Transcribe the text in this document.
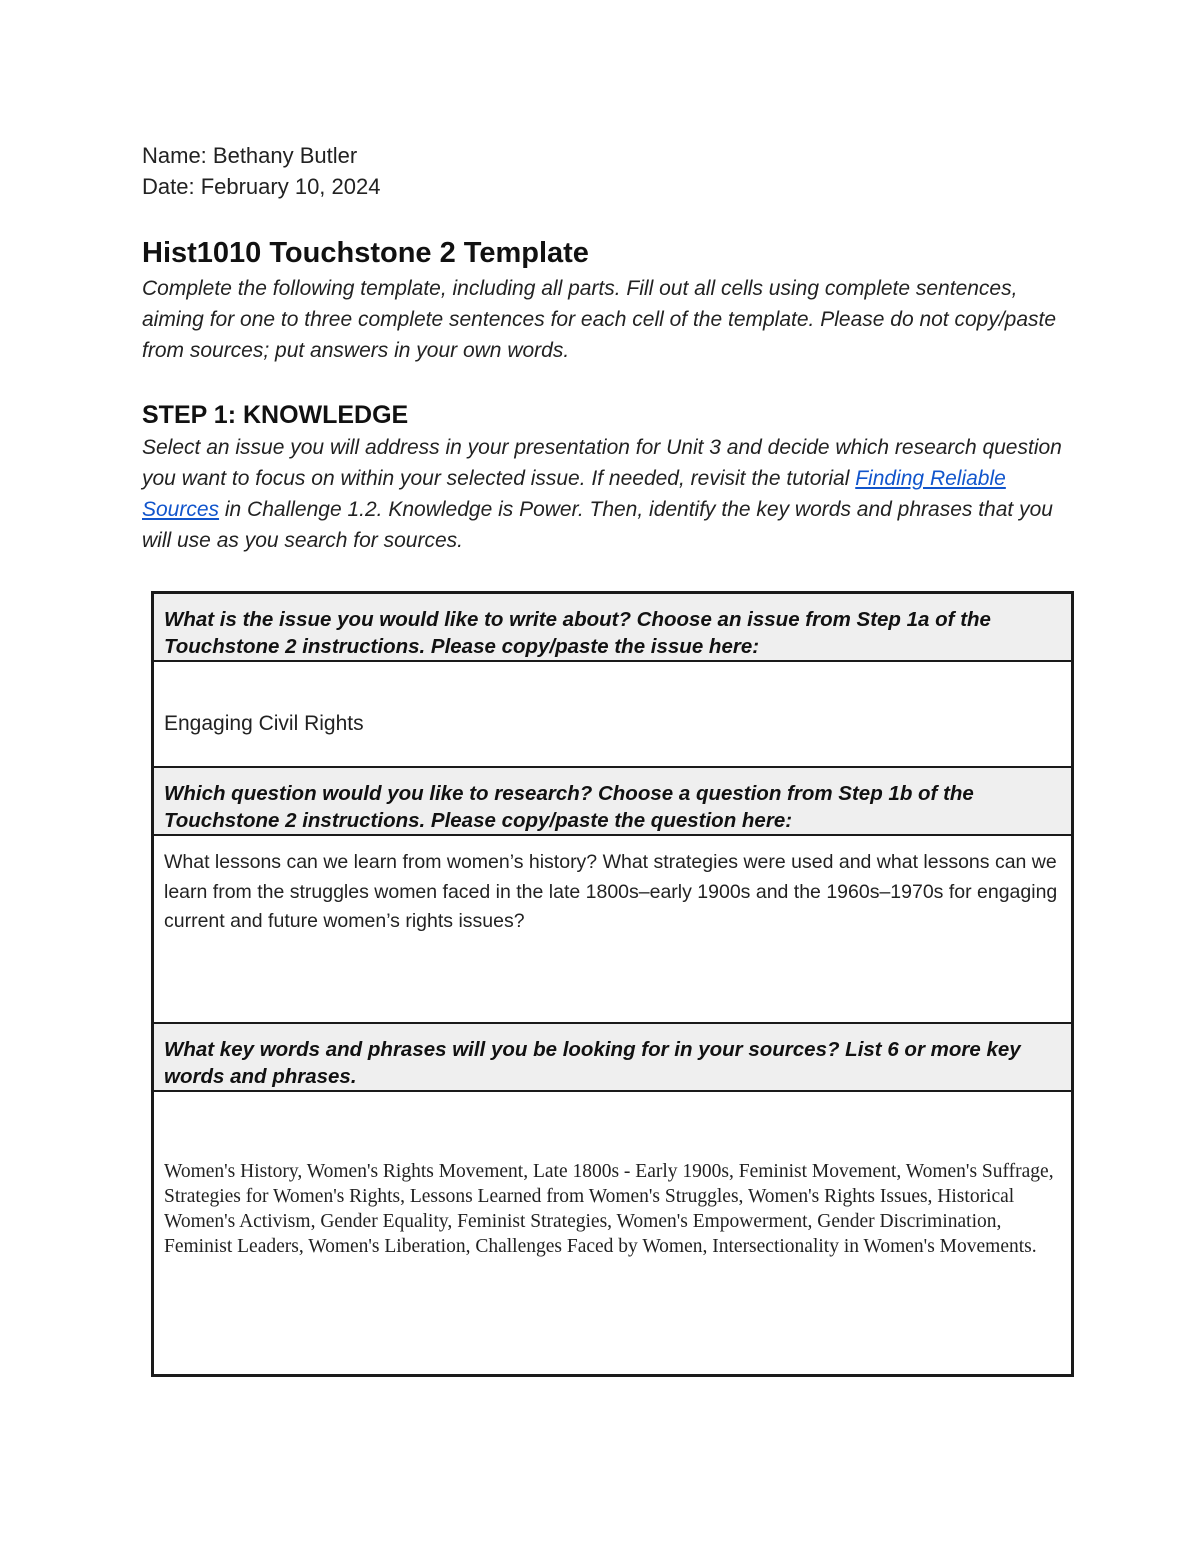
Name: Bethany Butler
Date: February 10, 2024
Hist1010 Touchstone 2 Template
Complete the following template, including all parts. Fill out all cells using complete sentences, aiming for one to three complete sentences for each cell of the template. Please do not copy/paste from sources; put answers in your own words.
STEP 1: KNOWLEDGE
Select an issue you will address in your presentation for Unit 3 and decide which research question you want to focus on within your selected issue. If needed, revisit the tutorial Finding Reliable Sources in Challenge 1.2. Knowledge is Power. Then, identify the key words and phrases that you will use as you search for sources.
What is the issue you would like to write about? Choose an issue from Step 1a of the Touchstone 2 instructions. Please copy/paste the issue here:

Engaging Civil Rights

Which question would you like to research? Choose a question from Step 1b of the Touchstone 2 instructions. Please copy/paste the question here:

What lessons can we learn from women’s history? What strategies were used and what lessons can we learn from the struggles women faced in the late 1800s–early 1900s and the 1960s–1970s for engaging current and future women’s rights issues?

What key words and phrases will you be looking for in your sources? List 6 or more key words and phrases.

Women's History, Women's Rights Movement, Late 1800s - Early 1900s, Feminist Movement, Women's Suffrage, Strategies for Women's Rights, Lessons Learned from Women's Struggles, Women's Rights Issues, Historical Women's Activism, Gender Equality, Feminist Strategies, Women's Empowerment, Gender Discrimination, Feminist Leaders, Women's Liberation, Challenges Faced by Women, Intersectionality in Women's Movements.
